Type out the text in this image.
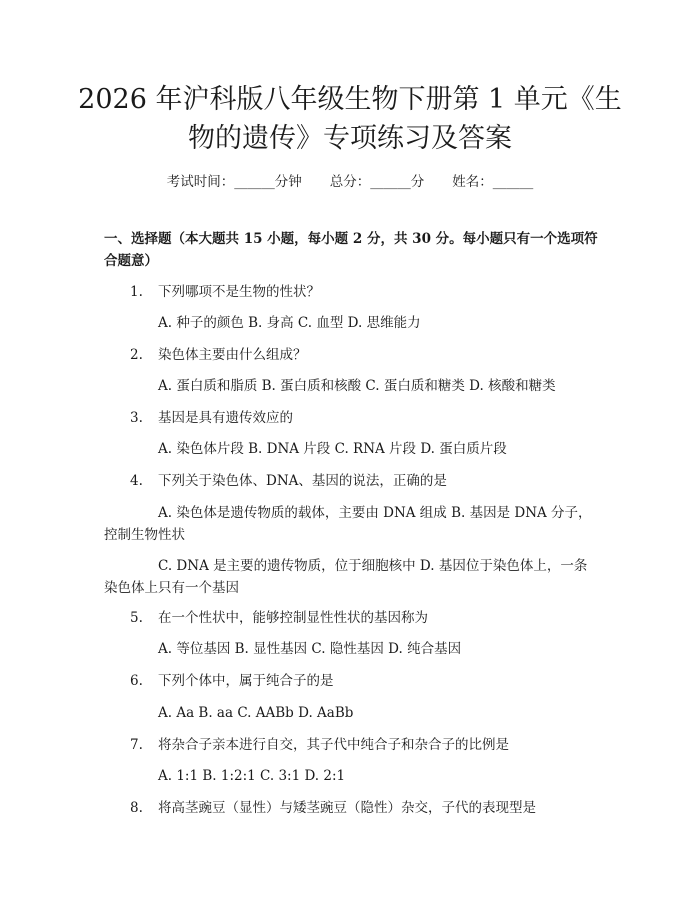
2026 年沪科版八年级生物下册第 1 单元《生物的遗传》专项练习及答案
考试时间：______分钟 总分：______分 姓名：______
一、选择题（本大题共 15 小题，每小题 2 分，共 30 分。每小题只有一个选项符合题意）
1. 下列哪项不是生物的性状？
A. 种子的颜色 B. 身高 C. 血型 D. 思维能力
2. 染色体主要由什么组成？
A. 蛋白质和脂质 B. 蛋白质和核酸 C. 蛋白质和糖类 D. 核酸和糖类
3. 基因是具有遗传效应的
A. 染色体片段 B. DNA 片段 C. RNA 片段 D. 蛋白质片段
4. 下列关于染色体、DNA、基因的说法，正确的是
A. 染色体是遗传物质的载体，主要由 DNA 组成 B. 基因是 DNA 分子，控制生物性状
C. DNA 是主要的遗传物质，位于细胞核中 D. 基因位于染色体上，一条染色体上只有一个基因
5. 在一个性状中，能够控制显性性状的基因称为
A. 等位基因 B. 显性基因 C. 隐性基因 D. 纯合基因
6. 下列个体中，属于纯合子的是
A. Aa B. aa C. AABb D. AaBb
7. 将杂合子亲本进行自交，其子代中纯合子和杂合子的比例是
A. 1:1 B. 1:2:1 C. 3:1 D. 2:1
8. 将高茎豌豆（显性）与矮茎豌豆（隐性）杂交，子代的表现型是
